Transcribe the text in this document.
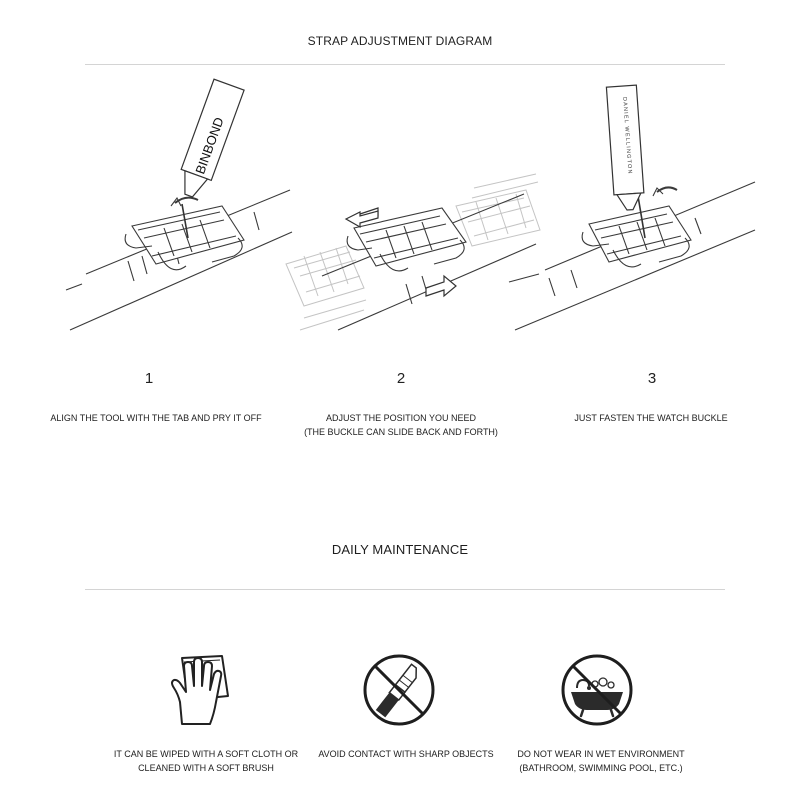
STRAP ADJUSTMENT DIAGRAM
BINBOND	DANIEL WELLINGTON
1	2	3
ALIGN THE TOOL WITH THE TAB AND PRY IT OFF	ADJUST THE POSITION YOU NEED
(THE BUCKLE CAN SLIDE BACK AND FORTH)
JUST FASTEN THE WATCH BUCKLE
DAILY MAINTENANCE
IT CAN BE WIPED WITH A SOFT CLOTH OR
CLEANED WITH A SOFT BRUSH
AVOID CONTACT WITH SHARP OBJECTS	DO NOT WEAR IN WET ENVIRONMENT
(BATHROOM, SWIMMING POOL, ETC.)
